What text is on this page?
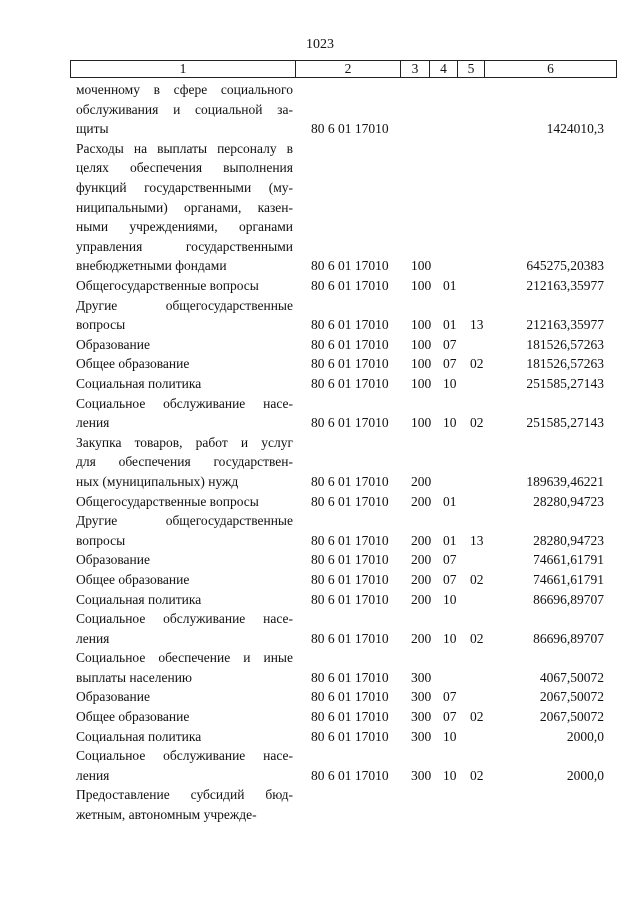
1023
1	2	3	4	5	6
моченному в сфере социального
обслуживания и социальной за-
щиты	80 6 01 17010	1424010,3
Расходы на выплаты персоналу в
целях обеспечения выполнения
функций государственными (му-
ниципальными) органами, казен-
ными учреждениями, органами
управления государственными
внебюджетными фондами	80 6 01 17010 100	645275,20383
Общегосударственные вопросы	80 6 01 17010 100 01	212163,35977
Другие общегосударственные
вопросы	80 6 01 17010 100 01 13	212163,35977
Образование	80 6 01 17010 100 07	181526,57263
Общее образование	80 6 01 17010 100 07 02	181526,57263
Социальная политика	80 6 01 17010 100 10	251585,27143
Социальное обслуживание насе-
ления	80 6 01 17010 100 10 02	251585,27143
Закупка товаров, работ и услуг
для обеспечения государствен-
ных (муниципальных) нужд	80 6 01 17010 200	189639,46221
Общегосударственные вопросы	80 6 01 17010 200 01	28280,94723
Другие общегосударственные
вопросы	80 6 01 17010 200 01 13	28280,94723
Образование	80 6 01 17010 200 07	74661,61791
Общее образование	80 6 01 17010 200 07 02	74661,61791
Социальная политика	80 6 01 17010 200 10	86696,89707
Социальное обслуживание насе-
ления	80 6 01 17010 200 10 02	86696,89707
Социальное обеспечение и иные
выплаты населению	80 6 01 17010 300	4067,50072
Образование	80 6 01 17010 300 07	2067,50072
Общее образование	80 6 01 17010 300 07 02	2067,50072
Социальная политика	80 6 01 17010 300 10	2000,0
Социальное обслуживание насе-
ления	80 6 01 17010 300 10 02	2000,0
Предоставление субсидий бюд-
жетным, автономным учрежде-
